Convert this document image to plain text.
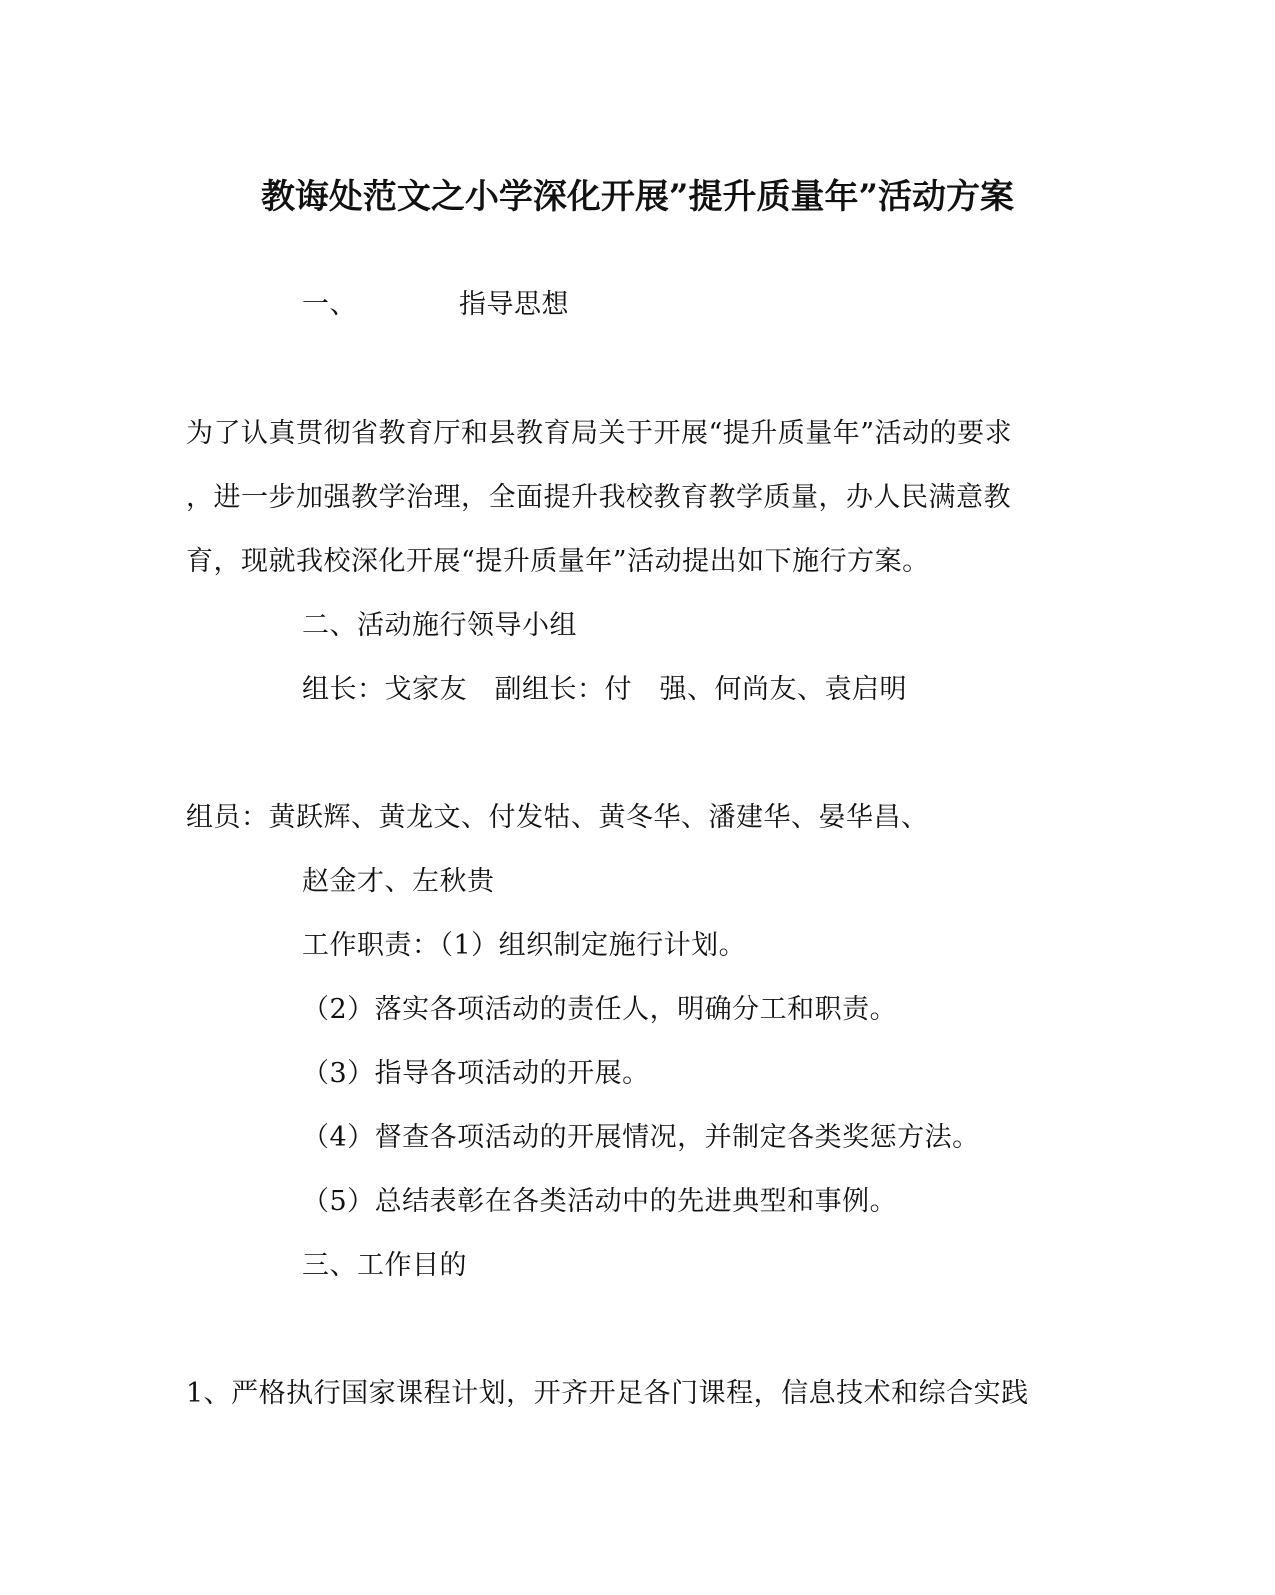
教诲处范文之小学深化开展”提升质量年”活动方案
一、	指导思想
为了认真贯彻省教育厅和县教育局关于开展“提升质量年”活动的要求
，进一步加强教学治理，全面提升我校教育教学质量，办人民满意教
育，现就我校深化开展“提升质量年”活动提出如下施行方案。
二、活动施行领导小组
组长：戈家友　副组长：付　强、何尚友、袁启明
组员：黄跃辉、黄龙文、付发牯、黄冬华、潘建华、晏华昌、
赵金才、左秋贵
工作职责：（1）组织制定施行计划。
（2）落实各项活动的责任人，明确分工和职责。
（3）指导各项活动的开展。
（4）督查各项活动的开展情况，并制定各类奖惩方法。
（5）总结表彰在各类活动中的先进典型和事例。
三、工作目的
1、严格执行国家课程计划，开齐开足各门课程，信息技术和综合实践
